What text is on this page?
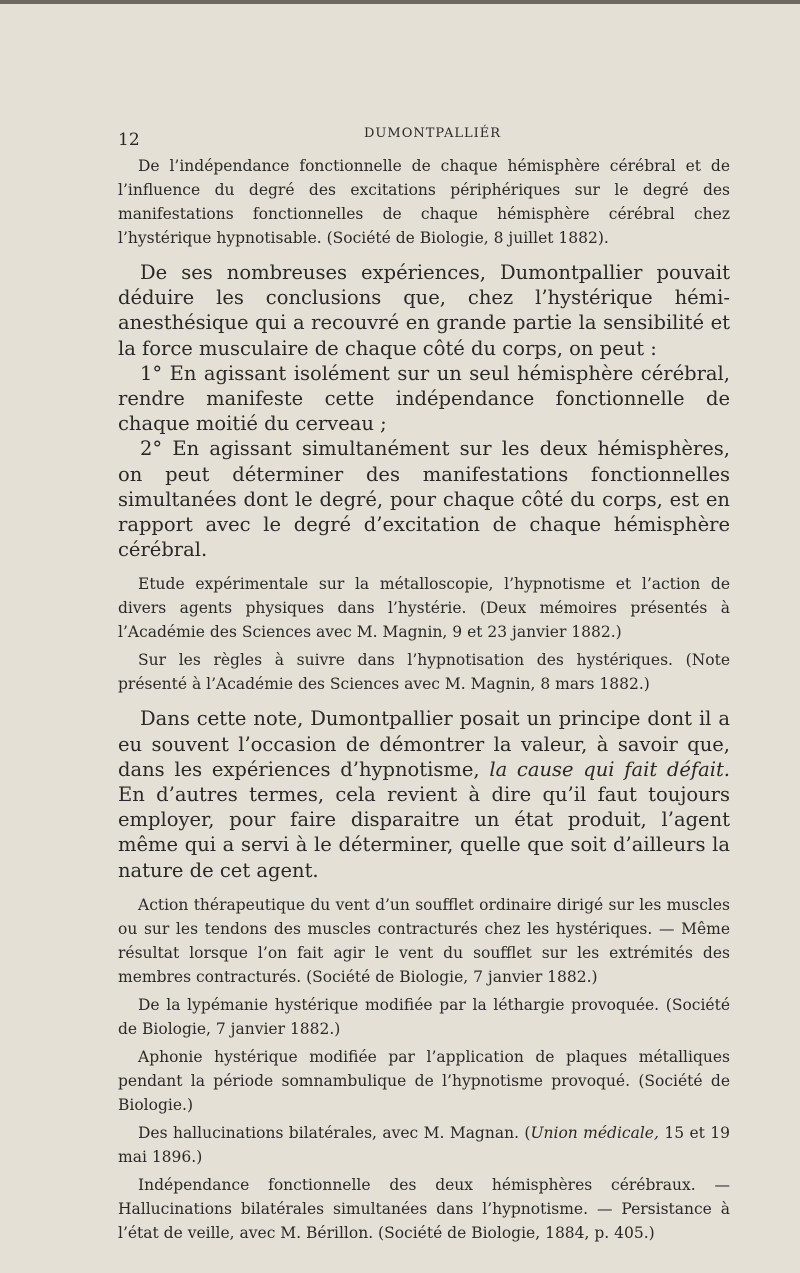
12	DUMONTPALLIÉR

De l’indépendance fonctionnelle de chaque hémisphère cérébral et de l’influence du degré des excitations périphériques sur le degré des manifestations fonctionnelles de chaque hémisphère cérébral chez l’hystérique hypnotisable. (Société de Biologie, 8 juillet 1882).

De ses nombreuses expériences, Dumontpallier pouvait déduire les conclusions que, chez l’hystérique hémi-anesthésique qui a recouvré en grande partie la sensibilité et la force musculaire de chaque côté du corps, on peut :

1° En agissant isolément sur un seul hémisphère cérébral, rendre manifeste cette indépendance fonctionnelle de chaque moitié du cerveau ;

2° En agissant simultanément sur les deux hémisphères, on peut déterminer des manifestations fonctionnelles simultanées dont le degré, pour chaque côté du corps, est en rapport avec le degré d’excitation de chaque hémisphère cérébral.

Etude expérimentale sur la métalloscopie, l’hypnotisme et l’action de divers agents physiques dans l’hystérie. (Deux mémoires présentés à l’Académie des Sciences avec M. Magnin, 9 et 23 janvier 1882.)

Sur les règles à suivre dans l’hypnotisation des hystériques. (Note présenté à l’Académie des Sciences avec M. Magnin, 8 mars 1882.)

Dans cette note, Dumontpallier posait un principe dont il a eu souvent l’occasion de démontrer la valeur, à savoir que, dans les expériences d’hypnotisme, la cause qui fait défait. En d’autres termes, cela revient à dire qu’il faut toujours employer, pour faire disparaitre un état produit, l’agent même qui a servi à le déterminer, quelle que soit d’ailleurs la nature de cet agent.

Action thérapeutique du vent d’un soufflet ordinaire dirigé sur les muscles ou sur les tendons des muscles contracturés chez les hystériques. — Même résultat lorsque l’on fait agir le vent du soufflet sur les extrémités des membres contracturés. (Société de Biologie, 7 janvier 1882.)

De la lypémanie hystérique modifiée par la léthargie provoquée. (Société de Biologie, 7 janvier 1882.)

Aphonie hystérique modifiée par l’application de plaques métalliques pendant la période somnambulique de l’hypnotisme provoqué. (Société de Biologie.)

Des hallucinations bilatérales, avec M. Magnan. (Union médicale, 15 et 19 mai 1896.)

Indépendance fonctionnelle des deux hémisphères cérébraux. — Hallucinations bilatérales simultanées dans l’hypnotisme. — Persistance à l’état de veille, avec M. Bérillon. (Société de Biologie, 1884, p. 405.)
